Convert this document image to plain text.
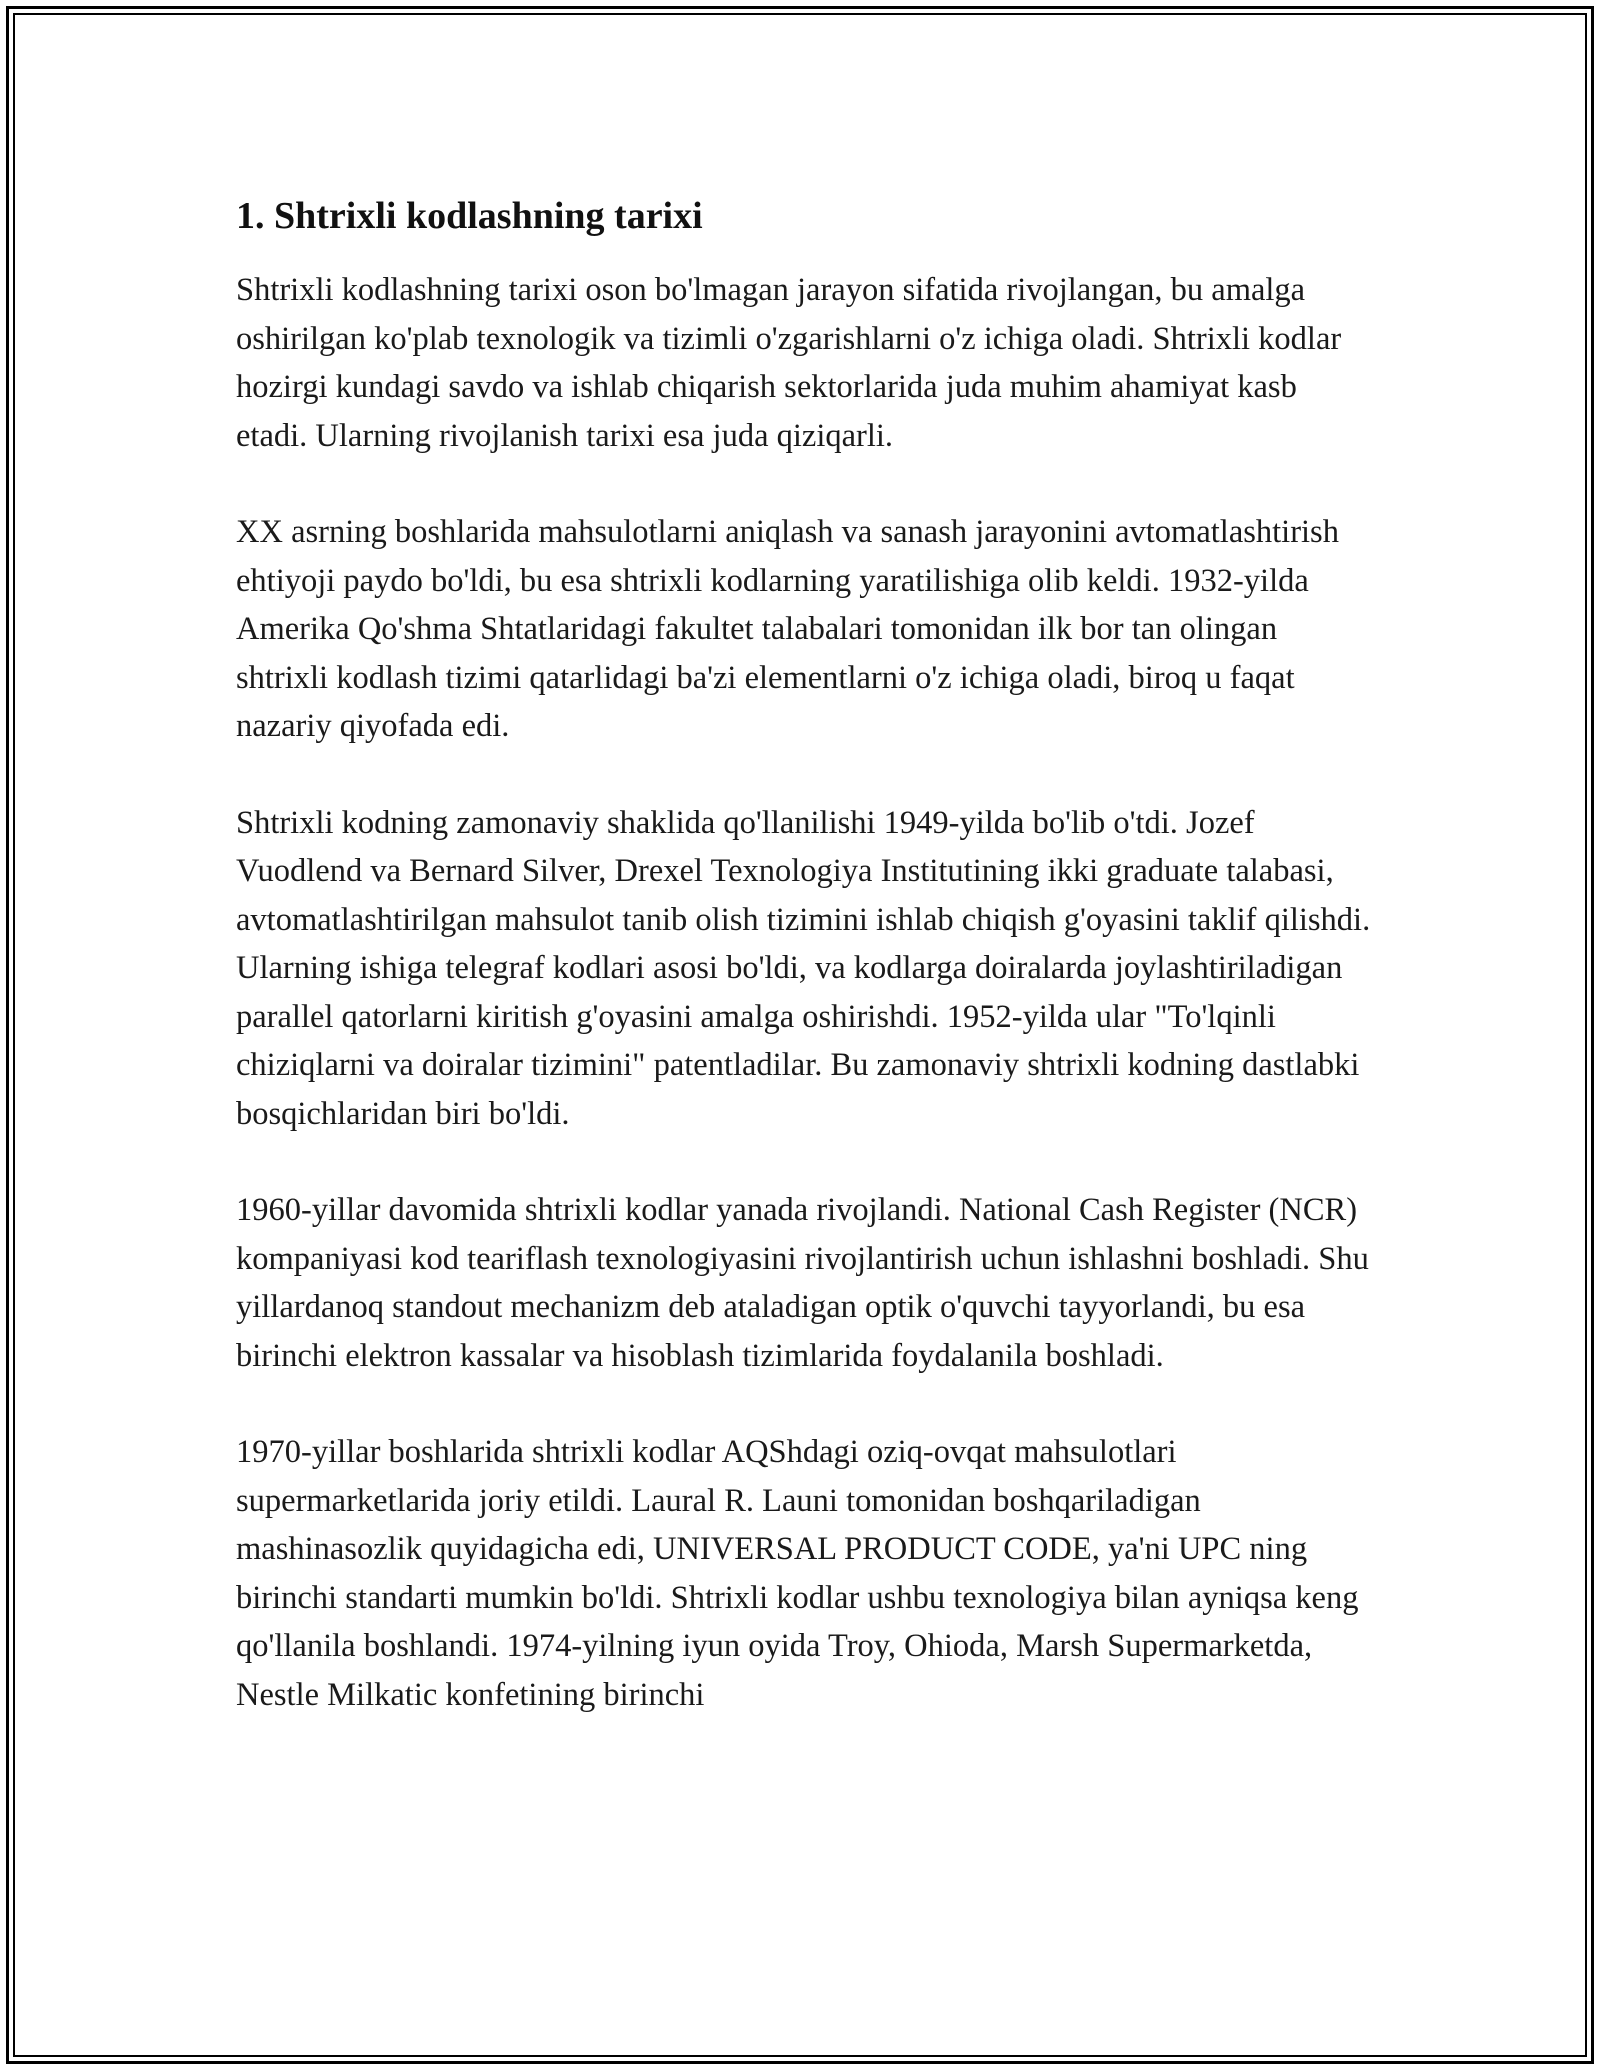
1. Shtrixli kodlashning tarixi

Shtrixli kodlashning tarixi oson bo'lmagan jarayon sifatida rivojlangan, bu amalga oshirilgan ko'plab texnologik va tizimli o'zgarishlarni o'z ichiga oladi. Shtrixli kodlar hozirgi kundagi savdo va ishlab chiqarish sektorlarida juda muhim ahamiyat kasb etadi. Ularning rivojlanish tarixi esa juda qiziqarli.

XX asrning boshlarida mahsulotlarni aniqlash va sanash jarayonini avtomatlashtirish ehtiyoji paydo bo'ldi, bu esa shtrixli kodlarning yaratilishiga olib keldi. 1932-yilda Amerika Qo'shma Shtatlaridagi fakultet talabalari tomonidan ilk bor tan olingan shtrixli kodlash tizimi qatarlidagi ba'zi elementlarni o'z ichiga oladi, biroq u faqat nazariy qiyofada edi.

Shtrixli kodning zamonaviy shaklida qo'llanilishi 1949-yilda bo'lib o'tdi. Jozef Vuodlend va Bernard Silver, Drexel Texnologiya Institutining ikki graduate talabasi, avtomatlashtirilgan mahsulot tanib olish tizimini ishlab chiqish g'oyasini taklif qilishdi. Ularning ishiga telegraf kodlari asosi bo'ldi, va kodlarga doiralarda joylashtiriladigan parallel qatorlarni kiritish g'oyasini amalga oshirishdi. 1952-yilda ular "To'lqinli chiziqlarni va doiralar tizimini" patentladilar. Bu zamonaviy shtrixli kodning dastlabki bosqichlaridan biri bo'ldi.

1960-yillar davomida shtrixli kodlar yanada rivojlandi. National Cash Register (NCR) kompaniyasi kod teariflash texnologiyasini rivojlantirish uchun ishlashni boshladi. Shu yillardanoq standout mechanizm deb ataladigan optik o'quvchi tayyorlandi, bu esa birinchi elektron kassalar va hisoblash tizimlarida foydalanila boshladi.

1970-yillar boshlarida shtrixli kodlar AQShdagi oziq-ovqat mahsulotlari supermarketlarida joriy etildi. Laural R. Launi tomonidan boshqariladigan mashinasozlik quyidagicha edi, UNIVERSAL PRODUCT CODE, ya'ni UPC ning birinchi standarti mumkin bo'ldi. Shtrixli kodlar ushbu texnologiya bilan ayniqsa keng qo'llanila boshlandi. 1974-yilning iyun oyida Troy, Ohioda, Marsh Supermarketda, Nestle Milkatic konfetining birinchi
